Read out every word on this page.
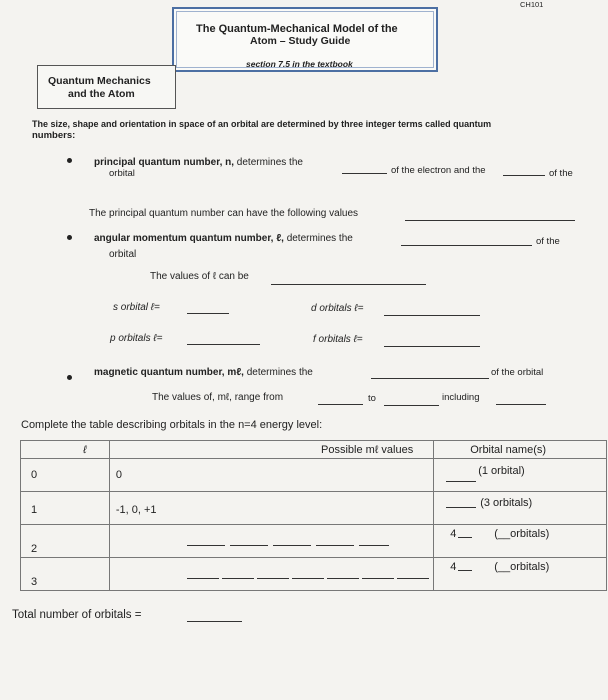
CH101
The Quantum-Mechanical Model of the
Atom – Study Guide
section 7.5 in the textbook
Quantum Mechanics
and the Atom
The size, shape and orientation in space of an orbital are determined by three integer terms called quantum
numbers:
principal quantum number, n, determines the
of the electron and the	of the
orbital
The principal quantum number can have the following values
angular momentum quantum number, ℓ, determines the	of the
orbital
The values of ℓ can be
s orbital ℓ=	d orbitals ℓ=
p orbitals ℓ=	f orbitals ℓ=
magnetic quantum number, mℓ, determines the	of the orbital
The values of, mℓ, range from	to	including
Complete the table describing orbitals in the n=4 energy level:
ℓ	Possible mℓ values	Orbital name(s)

0	0	(1 orbital)

1	-1, 0, +1	(3 orbitals)

2		4 (__orbitals)

3		4 (__orbitals)
Total number of orbitals =
